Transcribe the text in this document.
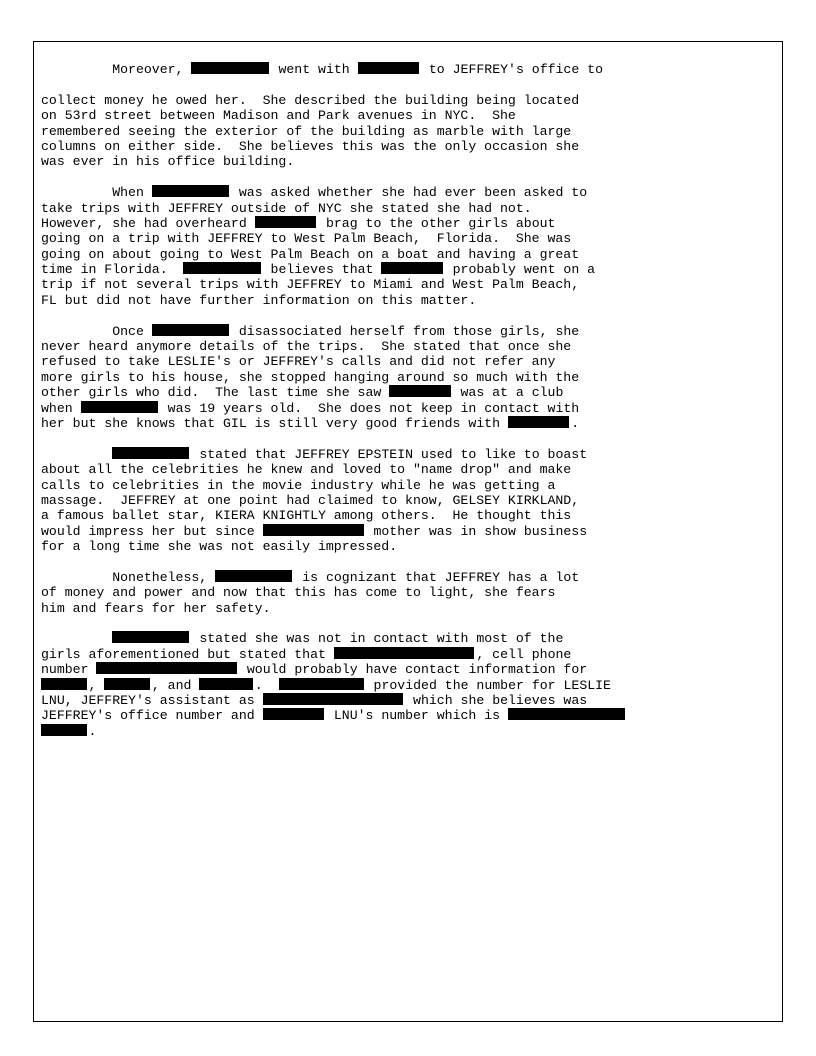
Moreover,	went with	to JEFFREY's office to
collect money he owed her.  She described the building being located
on 53rd street between Madison and Park avenues in NYC.  She
remembered seeing the exterior of the building as marble with large
columns on either side.  She believes this was the only occasion she
was ever in his office building.
When	was asked whether she had ever been asked to
take trips with JEFFREY outside of NYC she stated she had not.
However, she had overheard	brag to the other girls about
going on a trip with JEFFREY to West Palm Beach,  Florida.  She was
going on about going to West Palm Beach on a boat and having a great
time in Florida.	believes that	probably went on a
trip if not several trips with JEFFREY to Miami and West Palm Beach,
FL but did not have further information on this matter.
Once	disassociated herself from those girls, she
never heard anymore details of the trips.  She stated that once she
refused to take LESLIE's or JEFFREY's calls and did not refer any
more girls to his house, she stopped hanging around so much with the
other girls who did.  The last time she saw	was at a club
when	was 19 years old.  She does not keep in contact with
her but she knows that GIL is still very good friends with	.
stated that JEFFREY EPSTEIN used to like to boast
about all the celebrities he knew and loved to "name drop" and make
calls to celebrities in the movie industry while he was getting a
massage.  JEFFREY at one point had claimed to know, GELSEY KIRKLAND,
a famous ballet star, KIERA KNIGHTLY among others.  He thought this
would impress her but since	mother was in show business
for a long time she was not easily impressed.
Nonetheless,	is cognizant that JEFFREY has a lot
of money and power and now that this has come to light, she fears
him and fears for her safety.
stated she was not in contact with most of the
girls aforementioned but stated that	, cell phone
number	would probably have contact information for
,	, and	.	provided the number for LESLIE
LNU, JEFFREY's assistant as	which she believes was
JEFFREY's office number and	LNU's number which is
.
